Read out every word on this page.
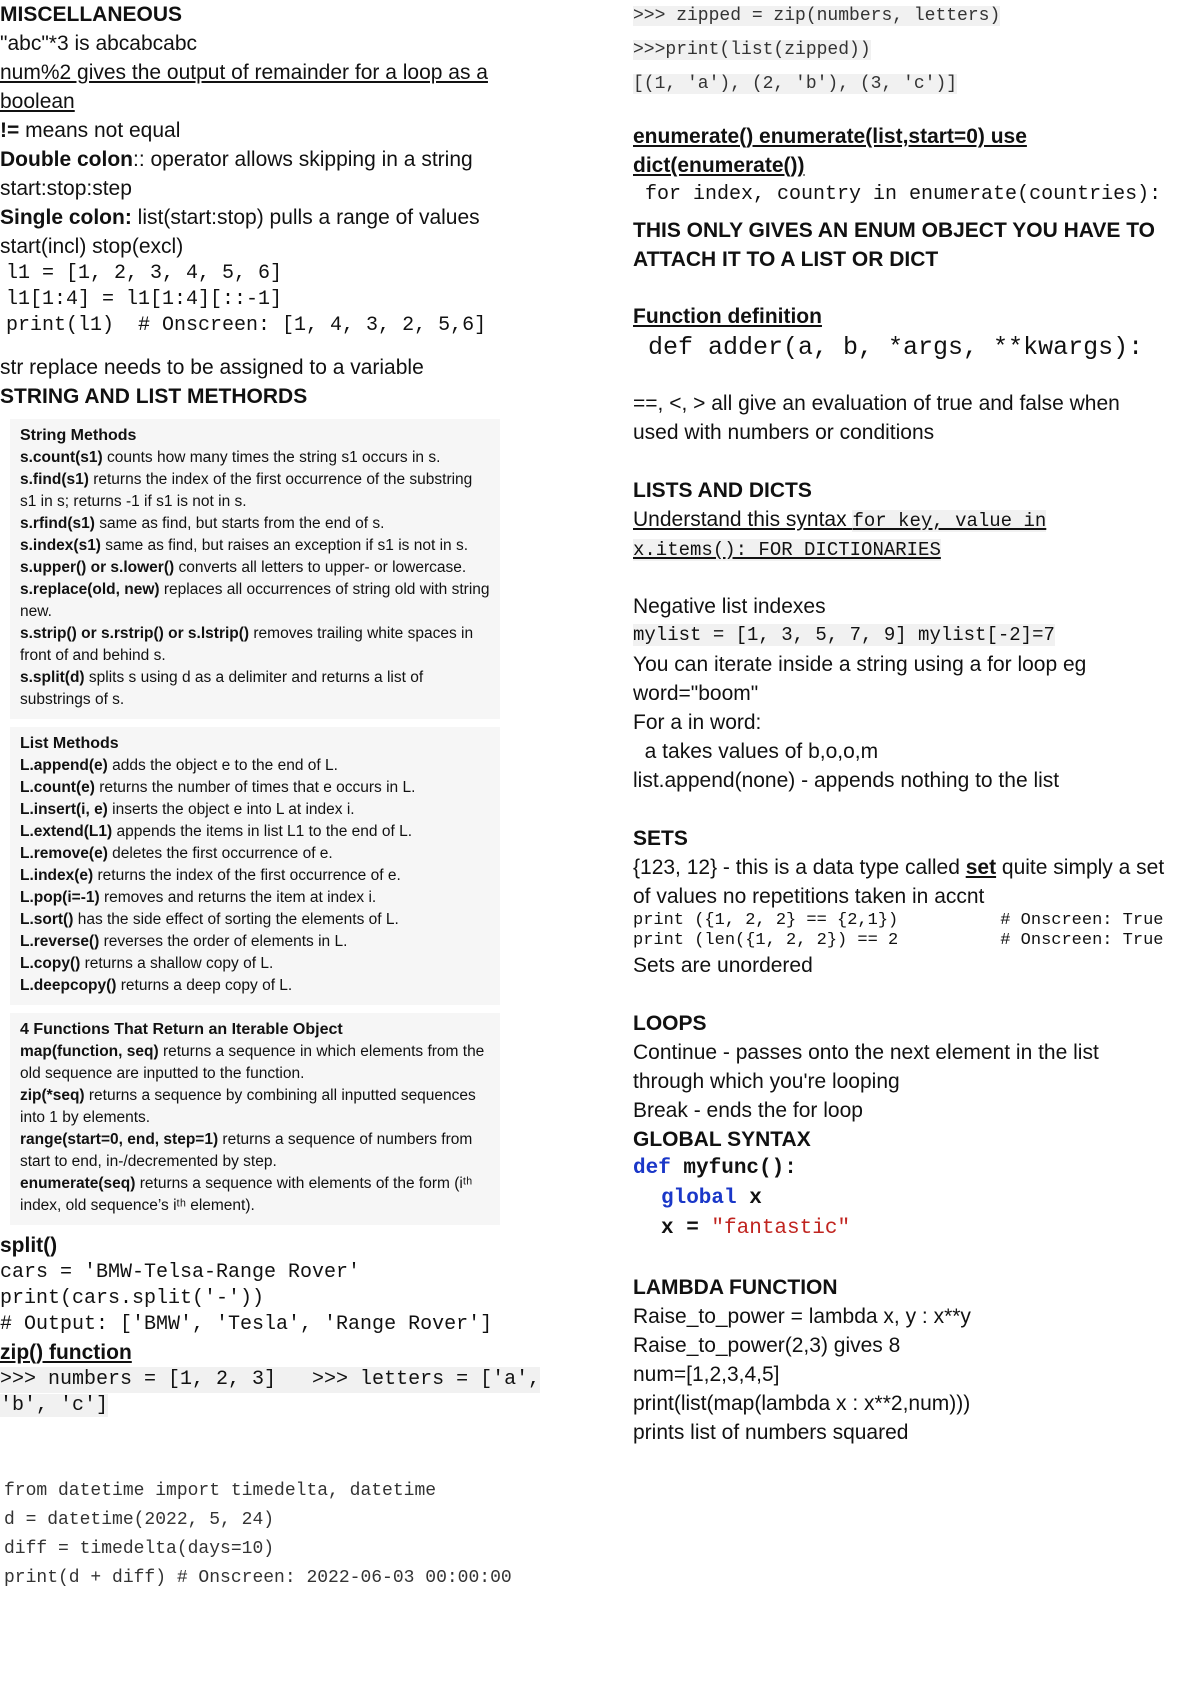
MISCELLANEOUS
"abc"*3 is abcabcabc
num%2 gives the output of remainder for a loop as a boolean
!= means not equal
Double colon:: operator allows skipping in a string
start:stop:step
Single colon: list(start:stop) pulls a range of values
start(incl) stop(excl)
l1 = [1, 2, 3, 4, 5, 6]
l1[1:4] = l1[1:4][::-1]
print(l1)  # Onscreen: [1, 4, 3, 2, 5,6]
str replace needs to be assigned to a variable
STRING AND LIST METHORDS
String Methods
s.count(s1) counts how many times the string s1 occurs in s.
s.find(s1) returns the index of the first occurrence of the substring s1 in s; returns -1 if s1 is not in s.
s.rfind(s1) same as find, but starts from the end of s.
s.index(s1) same as find, but raises an exception if s1 is not in s.
s.upper() or s.lower() converts all letters to upper- or lowercase.
s.replace(old, new) replaces all occurrences of string old with string new.
s.strip() or s.rstrip() or s.lstrip() removes trailing white spaces in front of and behind s.
s.split(d) splits s using d as a delimiter and returns a list of substrings of s.
List Methods
L.append(e) adds the object e to the end of L.
L.count(e) returns the number of times that e occurs in L.
L.insert(i, e) inserts the object e into L at index i.
L.extend(L1) appends the items in list L1 to the end of L.
L.remove(e) deletes the first occurrence of e.
L.index(e) returns the index of the first occurrence of e.
L.pop(i=-1) removes and returns the item at index i.
L.sort() has the side effect of sorting the elements of L.
L.reverse() reverses the order of elements in L.
L.copy() returns a shallow copy of L.
L.deepcopy() returns a deep copy of L.
4 Functions That Return an Iterable Object
map(function, seq) returns a sequence in which elements from the old sequence are inputted to the function.
zip(*seq) returns a sequence by combining all inputted sequences into 1 by elements.
range(start=0, end, step=1) returns a sequence of numbers from start to end, in-/decremented by step.
enumerate(seq) returns a sequence with elements of the form (iᵗʰ index, old sequence’s iᵗʰ element).
split()
cars = 'BMW-Telsa-Range Rover'
print(cars.split('-'))
# Output: ['BMW', 'Tesla', 'Range Rover']
zip() function
>>> numbers = [1, 2, 3]   >>> letters = ['a',
'b', 'c']
from datetime import timedelta, datetime
d = datetime(2022, 5, 24)
diff = timedelta(days=10)
print(d + diff) # Onscreen: 2022-06-03 00:00:00
>>> zipped = zip(numbers, letters)
>>>print(list(zipped))
[(1, 'a'), (2, 'b'), (3, 'c')]
enumerate() enumerate(list,start=0) use
dict(enumerate())
for index, country in enumerate(countries):
THIS ONLY GIVES AN ENUM OBJECT YOU HAVE TO
ATTACH IT TO A LIST OR DICT
Function definition
def adder(a, b, *args, **kwargs):
==, <, > all give an evaluation of true and false when
used with numbers or conditions
LISTS AND DICTS
Understand this syntax for key, value in
x.items(): FOR DICTIONARIES
Negative list indexes
mylist = [1, 3, 5, 7, 9] mylist[-2]=7
You can iterate inside a string using a for loop eg
word="boom"
For a in word:
a takes values of b,o,o,m
list.append(none) - appends nothing to the list
SETS
{123, 12} - this is a data type called set quite simply a set
of values no repetitions taken in accnt
print ({1, 2, 2} == {2,1})          # Onscreen: True
print (len({1, 2, 2}) == 2          # Onscreen: True
Sets are unordered
LOOPS
Continue - passes onto the next element in the list
through which you're looping
Break - ends the for loop
GLOBAL SYNTAX
def myfunc():
global x
x = "fantastic"
LAMBDA FUNCTION
Raise_to_power = lambda x, y : x**y
Raise_to_power(2,3) gives 8
num=[1,2,3,4,5]
print(list(map(lambda x : x**2,num)))
prints list of numbers squared
